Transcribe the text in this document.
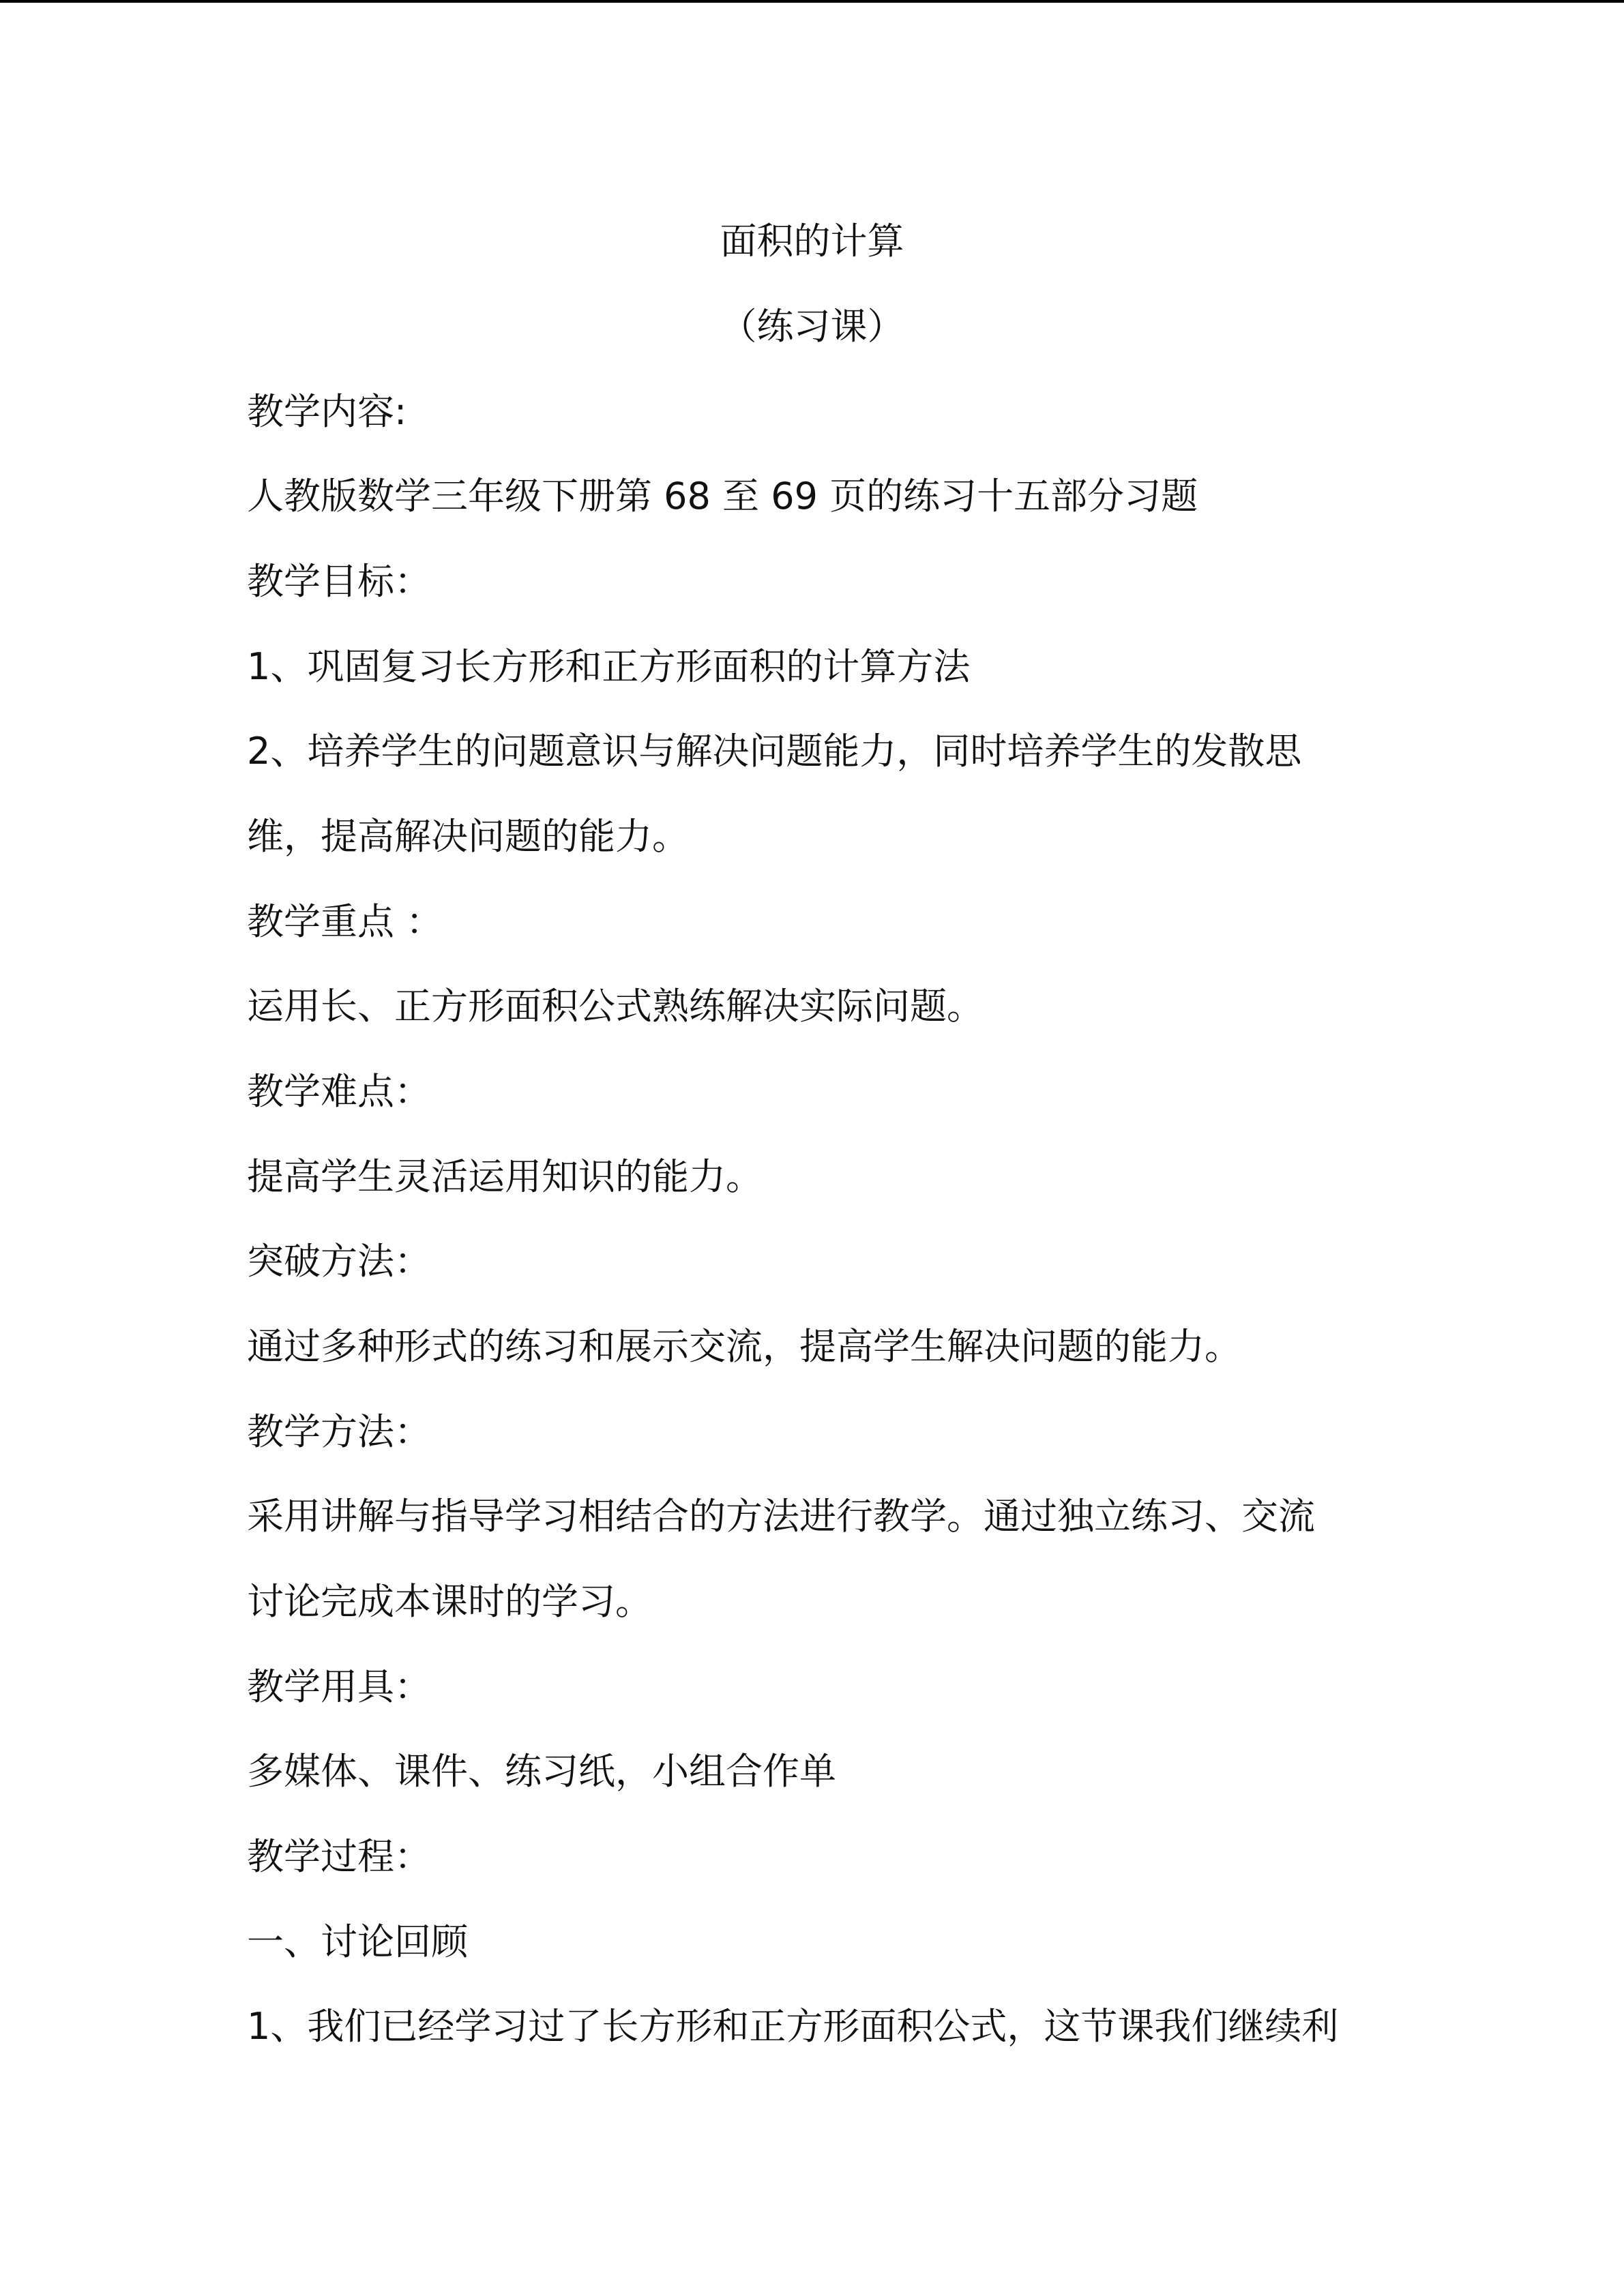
面积的计算
（练习课）
教学内容:
人教版数学三年级下册第 68 至 69 页的练习十五部分习题
教学目标：
1、巩固复习长方形和正方形面积的计算方法
2、培养学生的问题意识与解决问题能力，同时培养学生的发散思
维，提高解决问题的能力。
教学重点 ：
运用长、正方形面积公式熟练解决实际问题。
教学难点：
提高学生灵活运用知识的能力。
突破方法：
通过多种形式的练习和展示交流，提高学生解决问题的能力。
教学方法：
采用讲解与指导学习相结合的方法进行教学。通过独立练习、交流
讨论完成本课时的学习。
教学用具：
多媒体、课件、练习纸，小组合作单
教学过程：
一、讨论回顾
1、我们已经学习过了长方形和正方形面积公式，这节课我们继续利
